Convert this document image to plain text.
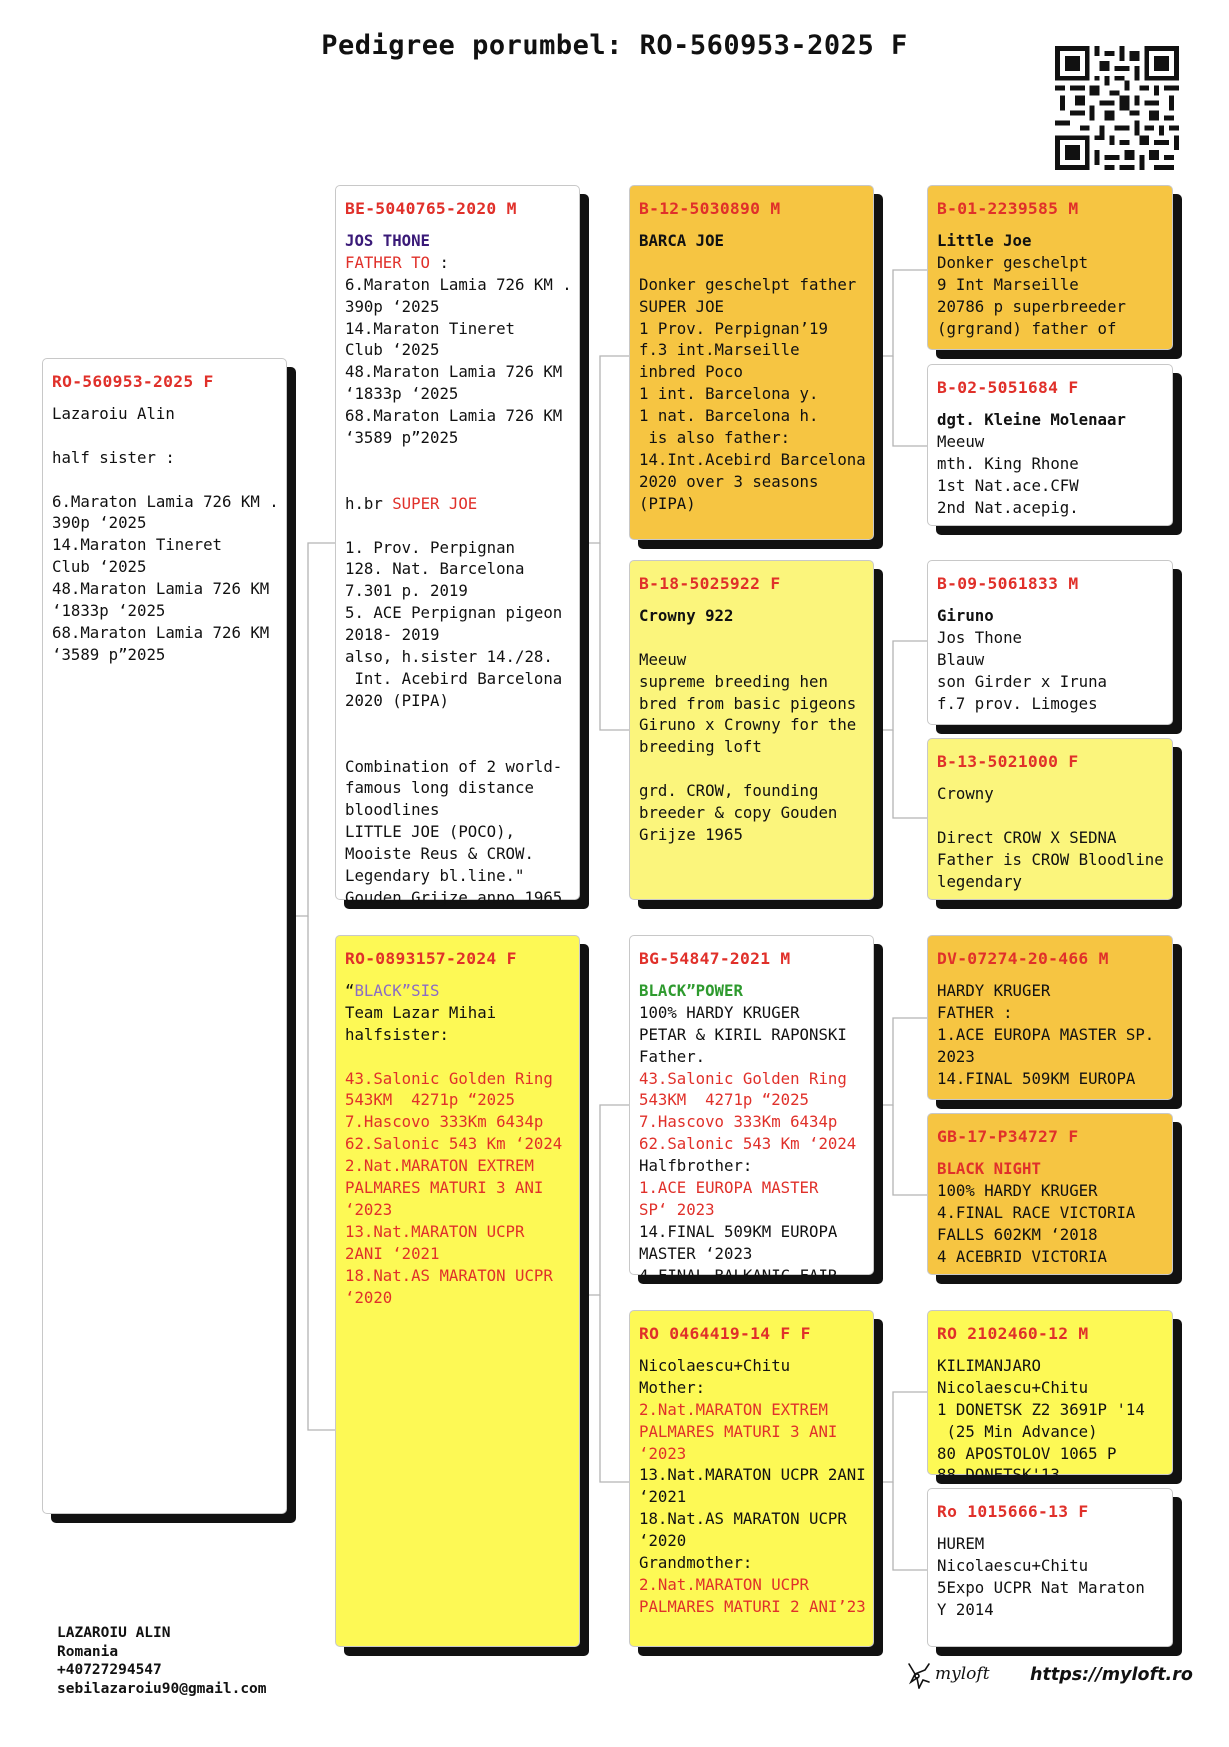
Pedigree porumbel: RO-560953-2025 F
RO-560953-2025 F
Lazaroiu Alin
half sister :
6.Maraton Lamia 726 KM .
390p ‘2025
14.Maraton Tineret
Club ‘2025
48.Maraton Lamia 726 KM
‘1833p ‘2025
68.Maraton Lamia 726 KM
‘3589 p”2025
BE-5040765-2020 M
JOS THONE
FATHER TO :
6.Maraton Lamia 726 KM .
390p ‘2025
14.Maraton Tineret
Club ‘2025
48.Maraton Lamia 726 KM
‘1833p ‘2025
68.Maraton Lamia 726 KM
‘3589 p”2025
h.br SUPER JOE
1. Prov. Perpignan
128. Nat. Barcelona
7.301 p. 2019
5. ACE Perpignan pigeon
2018- 2019
also, h.sister 14./28.
Int. Acebird Barcelona
2020 (PIPA)
Combination of 2 world-
famous long distance
bloodlines
LITTLE JOE (POCO),
Mooiste Reus & CROW.
Legendary bl.line."
Gouden Grijze anno 1965
RO-0893157-2024 F
“BLACK”SIS
Team Lazar Mihai
halfsister:
43.Salonic Golden Ring
543KM  4271p “2025
7.Hascovo 333Km 6434p
62.Salonic 543 Km ‘2024
2.Nat.MARATON EXTREM
PALMARES MATURI 3 ANI
‘2023
13.Nat.MARATON UCPR
2ANI ‘2021
18.Nat.AS MARATON UCPR
‘2020
B-12-5030890 M
BARCA JOE
Donker geschelpt father
SUPER JOE
1 Prov. Perpignan’19
f.3 int.Marseille
inbred Poco
1 int. Barcelona y.
1 nat. Barcelona h.
is also father:
14.Int.Acebird Barcelona
2020 over 3 seasons
(PIPA)
B-18-5025922 F
Crowny 922
Meeuw
supreme breeding hen
bred from basic pigeons
Giruno x Crowny for the
breeding loft
grd. CROW, founding
breeder & copy Gouden
Grijze 1965
BG-54847-2021 M
BLACK”POWER
100% HARDY KRUGER
PETAR & KIRIL RAPONSKI
Father.
43.Salonic Golden Ring
543KM  4271p “2025
7.Hascovo 333Km 6434p
62.Salonic 543 Km ‘2024
Halfbrother:
1.ACE EUROPA MASTER
SP‘ 2023
14.FINAL 509KM EUROPA
MASTER ‘2023
4.FINAL BALKANIC FAIR
RO 0464419-14 F F
Nicolaescu+Chitu
Mother:
2.Nat.MARATON EXTREM
PALMARES MATURI 3 ANI
‘2023
13.Nat.MARATON UCPR 2ANI
‘2021
18.Nat.AS MARATON UCPR
‘2020
Grandmother:
2.Nat.MARATON UCPR
PALMARES MATURI 2 ANI’23
B-01-2239585 M
Little Joe
Donker geschelpt
9 Int Marseille
20786 p superbreeder
(grgrand) father of
B-02-5051684 F
dgt. Kleine Molenaar
Meeuw
mth. King Rhone
1st Nat.ace.CFW
2nd Nat.acepig.
B-09-5061833 M
Giruno
Jos Thone
Blauw
son Girder x Iruna
f.7 prov. Limoges
B-13-5021000 F
Crowny
Direct CROW X SEDNA
Father is CROW Bloodline
legendary
DV-07274-20-466 M
HARDY KRUGER
FATHER :
1.ACE EUROPA MASTER SP.
2023
14.FINAL 509KM EUROPA
GB-17-P34727 F
BLACK NIGHT
100% HARDY KRUGER
4.FINAL RACE VICTORIA
FALLS 602KM ‘2018
4 ACEBRID VICTORIA
RO 2102460-12 M
KILIMANJARO
Nicolaescu+Chitu
1 DONETSK Z2 3691P '14
(25 Min Advance)
80 APOSTOLOV 1065 P
88 DONETSK'13
Ro 1015666-13 F
HUREM
Nicolaescu+Chitu
5Expo UCPR Nat Maraton
Y 2014
LAZAROIU ALIN
Romania
+40727294547
sebilazaroiu90@gmail.com
myloft https://myloft.ro
